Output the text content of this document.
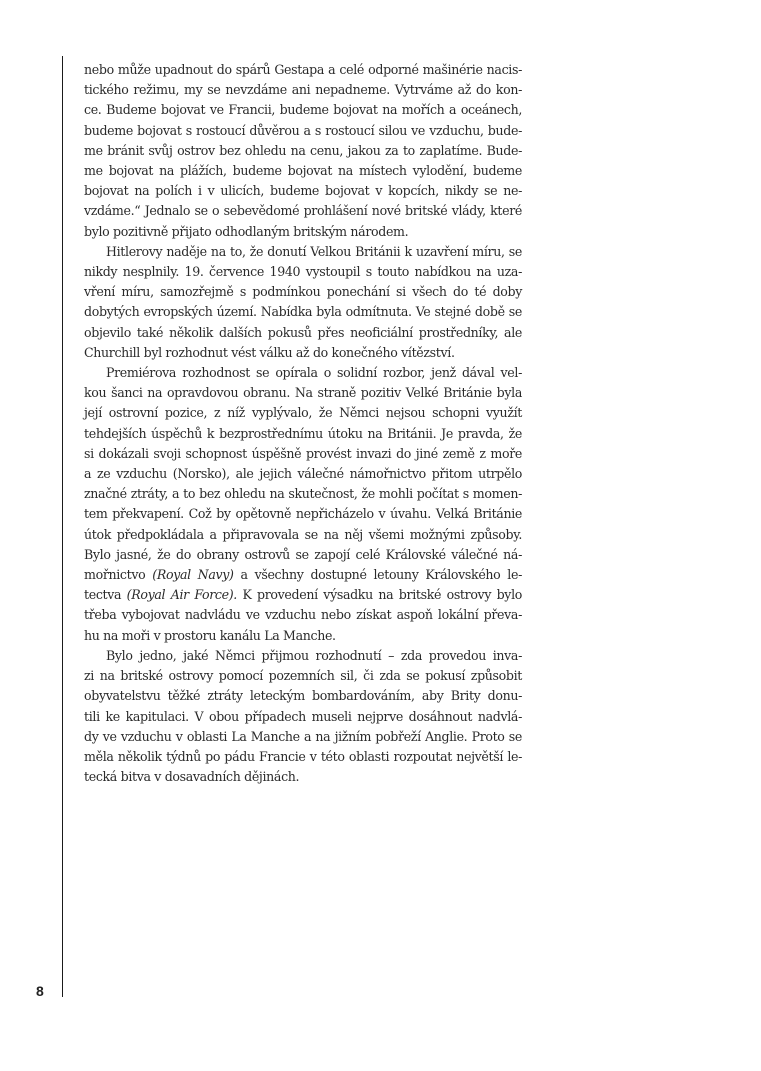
nebo může upadnout do spárů Gestapa a celé odporné mašinérie nacis-
tického režimu, my se nevzdáme ani nepadneme. Vytrváme až do kon-
ce. Budeme bojovat ve Francii, budeme bojovat na mořích a oceánech,
budeme bojovat s rostoucí důvěrou a s rostoucí silou ve vzduchu, bude-
me bránit svůj ostrov bez ohledu na cenu, jakou za to zaplatíme. Bude-
me bojovat na plážích, budeme bojovat na místech vylodění, budeme
bojovat na polích i v ulicích, budeme bojovat v kopcích, nikdy se ne-
vzdáme.“ Jednalo se o sebevědomé prohlášení nové britské vlády, které
bylo pozitivně přijato odhodlaným britským národem.

Hitlerovy naděje na to, že donutí Velkou Británii k uzavření míru, se
nikdy nesplnily. 19. července 1940 vystoupil s touto nabídkou na uza-
vření míru, samozřejmě s podmínkou ponechání si všech do té doby
dobytých evropských území. Nabídka byla odmítnuta. Ve stejné době se
objevilo také několik dalších pokusů přes neoficiální prostředníky, ale
Churchill byl rozhodnut vést válku až do konečného vítězství.

Premiérova rozhodnost se opírala o solidní rozbor, jenž dával vel-
kou šanci na opravdovou obranu. Na straně pozitiv Velké Británie byla
její ostrovní pozice, z níž vyplývalo, že Němci nejsou schopni využít
tehdejších úspěchů k bezprostřednímu útoku na Británii. Je pravda, že
si dokázali svoji schopnost úspěšně provést invazi do jiné země z moře
a ze vzduchu (Norsko), ale jejich válečné námořnictvo přitom utrpělo
značné ztráty, a to bez ohledu na skutečnost, že mohli počítat s momen-
tem překvapení. Což by opětovně nepřicházelo v úvahu. Velká Británie
útok předpokládala a připravovala se na něj všemi možnými způsoby.
Bylo jasné, že do obrany ostrovů se zapojí celé Královské válečné ná-
mořnictvo (Royal Navy) a všechny dostupné letouny Královského le-
tectva (Royal Air Force). K provedení výsadku na britské ostrovy bylo
třeba vybojovat nadvládu ve vzduchu nebo získat aspoň lokální převa-
hu na moři v prostoru kanálu La Manche.

Bylo jedno, jaké Němci přijmou rozhodnutí – zda provedou inva-
zi na britské ostrovy pomocí pozemních sil, či zda se pokusí způsobit
obyvatelstvu těžké ztráty leteckým bombardováním, aby Brity donu-
tili ke kapitulaci. V obou případech museli nejprve dosáhnout nadvlá-
dy ve vzduchu v oblasti La Manche a na jižním pobřeží Anglie. Proto se
měla několik týdnů po pádu Francie v této oblasti rozpoutat největší le-
tecká bitva v dosavadních dějinách.

8
